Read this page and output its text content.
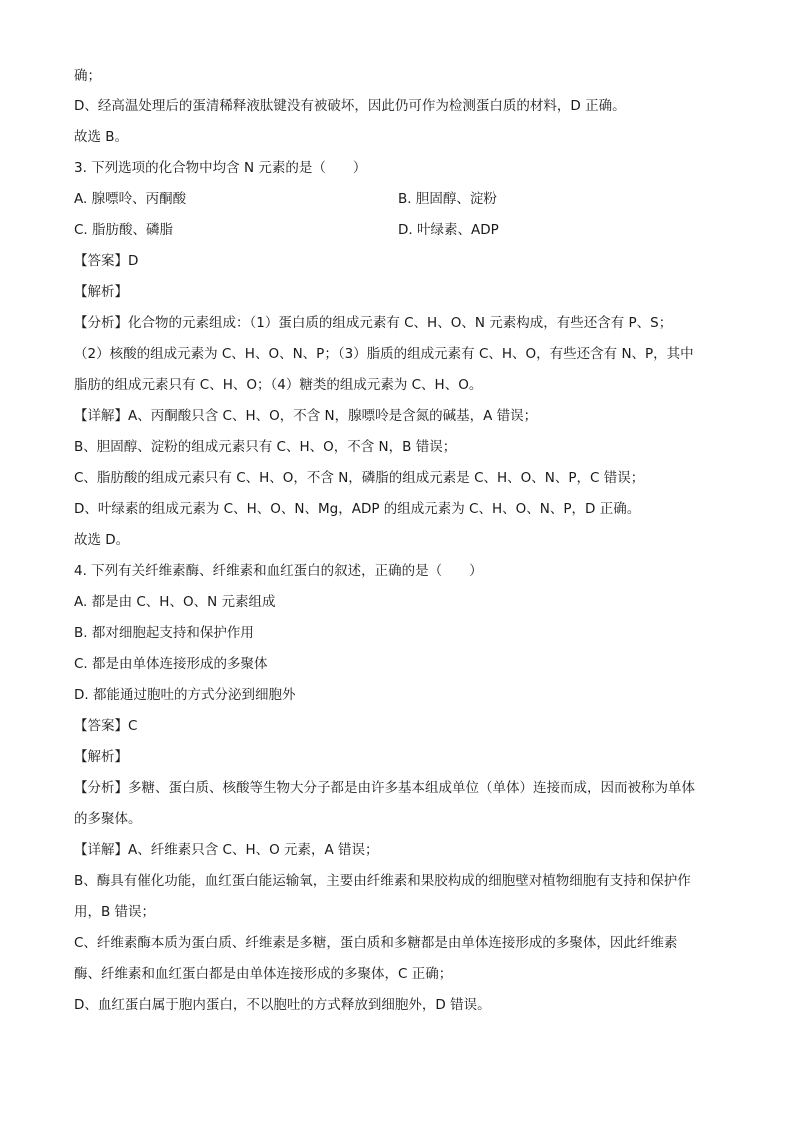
确；
D、经高温处理后的蛋清稀释液肽键没有被破坏，因此仍可作为检测蛋白质的材料，D 正确。
故选 B。
3. 下列选项的化合物中均含 N 元素的是（　　）
A. 腺嘌呤、丙酮酸	B. 胆固醇、淀粉
C. 脂肪酸、磷脂	D. 叶绿素、ADP
【答案】D
【解析】
【分析】化合物的元素组成：（1）蛋白质的组成元素有 C、H、O、N 元素构成，有些还含有 P、S；
（2）核酸的组成元素为 C、H、O、N、P；（3）脂质的组成元素有 C、H、O，有些还含有 N、P，其中
脂肪的组成元素只有 C、H、O；（4）糖类的组成元素为 C、H、O。
【详解】A、丙酮酸只含 C、H、O，不含 N，腺嘌呤是含氮的碱基，A 错误；
B、胆固醇、淀粉的组成元素只有 C、H、O，不含 N，B 错误；
C、脂肪酸的组成元素只有 C、H、O，不含 N，磷脂的组成元素是 C、H、O、N、P，C 错误；
D、叶绿素的组成元素为 C、H、O、N、Mg，ADP 的组成元素为 C、H、O、N、P，D 正确。
故选 D。
4. 下列有关纤维素酶、纤维素和血红蛋白的叙述，正确的是（　　）
A. 都是由 C、H、O、N 元素组成
B. 都对细胞起支持和保护作用
C. 都是由单体连接形成的多聚体
D. 都能通过胞吐的方式分泌到细胞外
【答案】C
【解析】
【分析】多糖、蛋白质、核酸等生物大分子都是由许多基本组成单位（单体）连接而成，因而被称为单体
的多聚体。
【详解】A、纤维素只含 C、H、O 元素，A 错误；
B、酶具有催化功能，血红蛋白能运输氧，主要由纤维素和果胶构成的细胞壁对植物细胞有支持和保护作
用，B 错误；
C、纤维素酶本质为蛋白质、纤维素是多糖，蛋白质和多糖都是由单体连接形成的多聚体，因此纤维素
酶、纤维素和血红蛋白都是由单体连接形成的多聚体，C 正确；
D、血红蛋白属于胞内蛋白，不以胞吐的方式释放到细胞外，D 错误。
